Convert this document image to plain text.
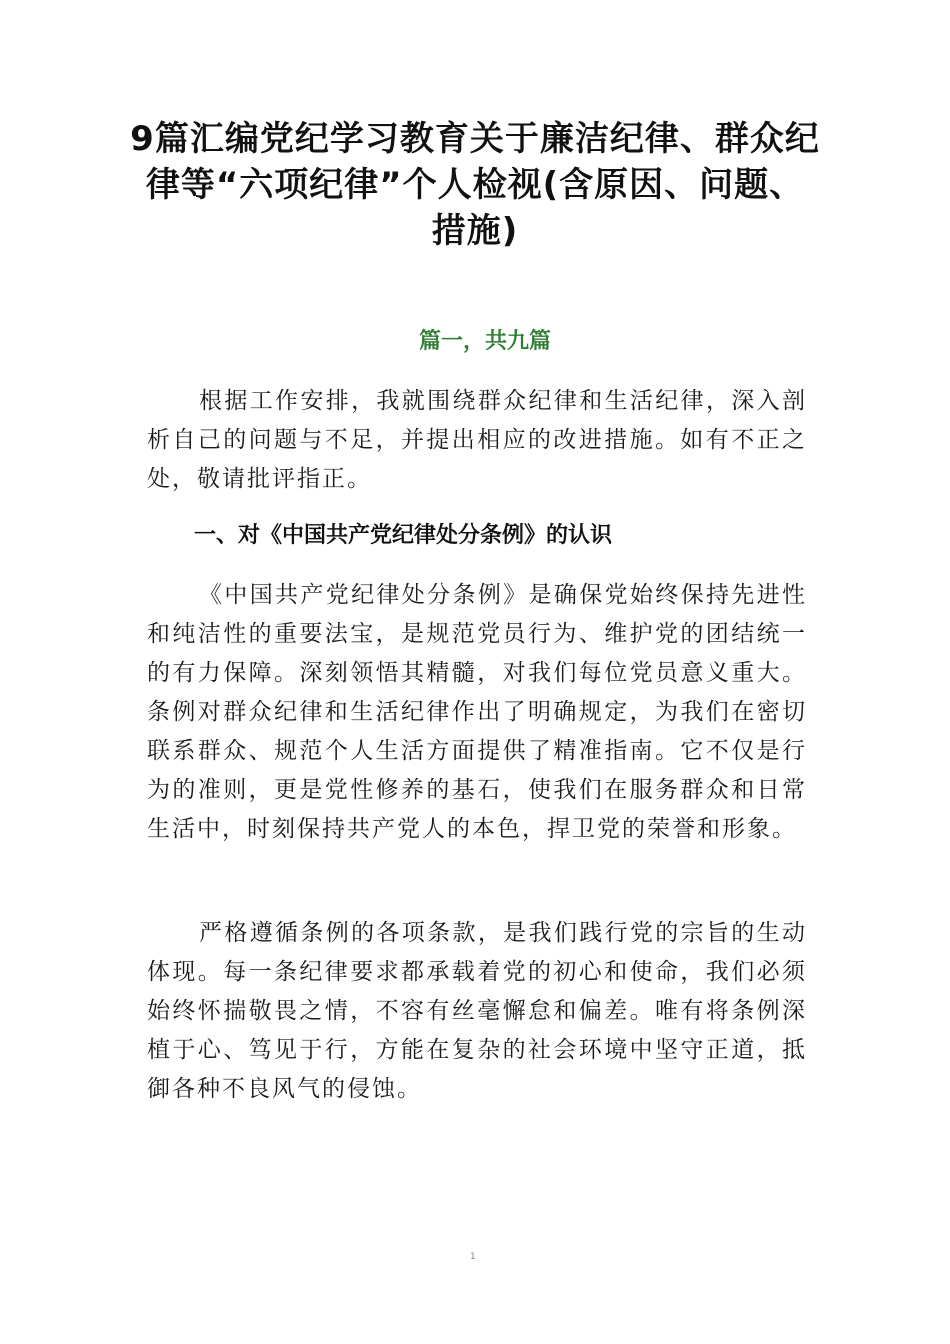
9篇汇编党纪学习教育关于廉洁纪律、群众纪律等“六项纪律”个人检视(含原因、问题、措施)
篇一，共九篇

根据工作安排，我就围绕群众纪律和生活纪律，深入剖析自己的问题与不足，并提出相应的改进措施。如有不正之处，敬请批评指正。

一、对《中国共产党纪律处分条例》的认识

《中国共产党纪律处分条例》是确保党始终保持先进性和纯洁性的重要法宝，是规范党员行为、维护党的团结统一的有力保障。深刻领悟其精髓，对我们每位党员意义重大。条例对群众纪律和生活纪律作出了明确规定，为我们在密切联系群众、规范个人生活方面提供了精准指南。它不仅是行为的准则，更是党性修养的基石，使我们在服务群众和日常生活中，时刻保持共产党人的本色，捍卫党的荣誉和形象。

严格遵循条例的各项条款，是我们践行党的宗旨的生动体现。每一条纪律要求都承载着党的初心和使命，我们必须始终怀揣敬畏之情，不容有丝毫懈怠和偏差。唯有将条例深植于心、笃见于行，方能在复杂的社会环境中坚守正道，抵御各种不良风气的侵蚀。

1
